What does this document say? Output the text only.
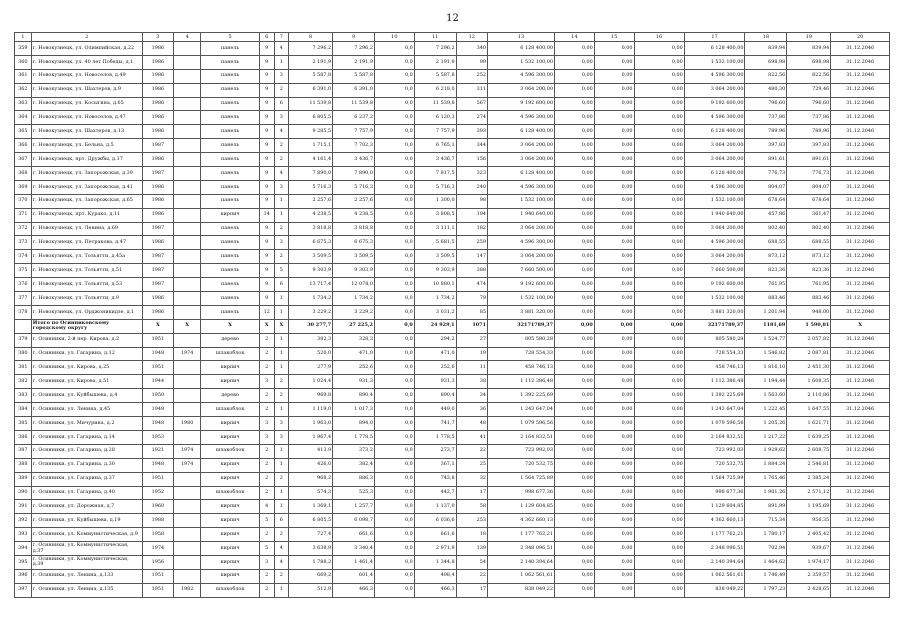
12
1	2	3	4	5	6	7	8	9	10	11	12	13	14	15	16	17	18	19	20
359	г. Новокузнецк, ул. Олимпийская, д.22	1986		панель	9	4	7 296,2	7 296,2	0,0	7 296,2	340	6 128 400,00	0,00	0,00	0,00	6 128 400,00	839,94	839,94	31.12.2046
360	г. Новокузнецк, ул. 40 лет Победы, д.1	1986		панель	9	1	2 191,9	2 191,9	0,0	2 191,9	99	1 532 100,00	0,00	0,00	0,00	1 532 100,00	698,98	698,98	31.12.2046
361	г. Новокузнецк, ул. Новоселов, д.49	1986		панель	9	3	5 587,8	5 587,8	0,0	5 587,8	252	4 596 300,00	0,00	0,00	0,00	4 596 300,00	822,56	822,56	31.12.2046
362	г. Новокузнецк, ул. Шахтеров, д.9	1986		панель	9	2	6 391,0	6 391,0	0,0	6 218,0	311	3 064 200,00	0,00	0,00	0,00	3 064 200,00	480,30	729,46	31.12.2046
363	г. Новокузнецк, ул. Косыгина, д.65	1986		панель	9	6	11 539,8	11 539,8	0,0	11 539,8	567	9 192 600,00	0,00	0,00	0,00	9 192 600,00	796,60	796,60	31.12.2046
364	г. Новокузнецк, ул. Новоселов, д.47	1986		панель	9	3	6 805,5	6 237,2	0,0	6 120,3	274	4 596 300,00	0,00	0,00	0,00	4 596 300,00	737,86	737,86	31.12.2046
365	г. Новокузнецк, ул. Шахтеров, д.13	1986		панель	9	4	9 285,5	7 757,9	0,0	7 757,9	393	6 128 400,00	0,00	0,00	0,00	6 128 400,00	789,96	789,96	31.12.2046
366	г. Новокузнецк, ул. Бельна, д.5	1987		панель	9	2	1 715,1	7 702,3	0,0	6 765,1	344	3 064 200,00	0,00	0,00	0,00	3 064 200,00	397,83	397,83	31.12.2046
367	г. Новокузнецк, прт. Дружбы, д.17	1986		панель	9	2	4 161,4	3 436,7	0,0	3 436,7	156	3 064 200,00	0,00	0,00	0,00	3 064 200,00	891,61	891,61	31.12.2046
368	г. Новокузнецк, ул. Запорожская, д.39	1987		панель	9	4	7 890,0	7 890,0	0,0	7 817,5	323	6 128 400,00	0,00	0,00	0,00	6 128 400,00	776,73	776,73	31.12.2046
369	г. Новокузнецк, ул. Запорожская, д.41	1986		панель	9	3	5 716,3	5 716,3	0,0	5 716,3	240	4 596 300,00	0,00	0,00	0,00	4 596 300,00	804,07	804,07	31.12.2046
370	г. Новокузнецк, ул. Запорожская, д.65	1986		панель	9	1	2 257,6	2 257,6	0,0	1 300,0	98	1 532 100,00	0,00	0,00	0,00	1 532 100,00	678,64	678,64	31.12.2046
371	г. Новокузнецк, прт. Курако, д.11	1986		кирпич	14	1	4 238,5	4 238,5	0,0	3 808,5	194	1 940 640,00	0,00	0,00	0,00	1 940 640,00	457,86	361,47	31.12.2046
372	г. Новокузнецк, ул. Ленина, д.69	1987		панель	9	2	3 818,8	3 818,8	0,0	3 111,1	182	3 064 200,00	0,00	0,00	0,00	3 064 200,00	802,40	802,40	31.12.2046
373	г. Новокузнецк, ул. Петракова, д.47	1986		панель	9	3	6 675,3	6 675,3	0,0	5 681,5	259	4 596 300,00	0,00	0,00	0,00	4 596 300,00	688,55	688,55	31.12.2046
374	г. Новокузнецк, ул. Тольятти, д.45а	1987		панель	9	2	3 509,5	3 509,5	0,0	3 509,5	147	3 064 200,00	0,00	0,00	0,00	3 064 200,00	873,12	873,12	31.12.2046
375	г. Новокузнецк, ул. Тольятти, д.51	1987		панель	9	5	9 303,9	9 303,9	0,0	9 303,9	388	7 660 500,00	0,00	0,00	0,00	7 660 500,00	823,36	823,36	31.12.2046
376	г. Новокузнецк, ул. Тольятти, д.53	1987		панель	9	6	13 717,4	12 078,0	0,0	10 880,1	474	9 192 600,00	0,00	0,00	0,00	9 192 600,00	761,95	761,95	31.12.2046
377	г. Новокузнецк, ул. Тольятти, д.9	1986		панель	9	1	1 734,2	1 734,2	0,0	1 734,2	79	1 532 100,00	0,00	0,00	0,00	1 532 100,00	883,46	883,46	31.12.2046
378	г. Новокузнецк, ул. Орджоникидзе, д.1	1986		панель	12	1	3 229,2	3 229,2	0,0	3 031,2	85	3 881 320,00	0,00	0,00	0,00	3 881 320,00	1 201,94	948,00	31.12.2046
	Итого по Осинниковскому городскому округу	X	X	X	X	X	30 277,7	27 225,2	0,0	24 929,1	1071	32171789,37	0,00	0,00	0,00	32171789,37	1181,69	1 590,81	X
379	г. Осинники, 2-й пер. Кирова, д.2	1951		дерево	2	1	382,3	328,3	0,0	294,2	27	805 580,28	0,00	0,00	0,00	805 580,28	1 524,77	2 057,82	31.12.2046
380	г. Осинники, ул. Гагарина, д.12	1948	1974	шлакоблок	2	1	520,0	471,0	0,0	471,0	19	728 554,33	0,00	0,00	0,00	728 554,33	1 546,82	2 087,81	31.12.2046
381	г. Осинники, ул. Кирова, д.25	1951		кирпич	2	1	277,9	252,6	0,0	252,6	11	458 746,13	0,00	0,00	0,00	458 746,13	1 816,10	2 451,30	31.12.2046
382	г. Осинники, ул. Кирова, д.51	1944		кирпич	3	2	1 024,4	931,3	0,0	931,3	38	1 112 386,48	0,00	0,00	0,00	1 112 386,48	1 194,44	1 608,35	31.12.2046
383	г. Осинники, ул. Куйбышева, д.4	1950		дерево	2	2	969,8	890,4	0,0	890,4	34	1 392 225,69	0,00	0,00	0,00	1 392 225,69	1 563,60	2 110,86	31.12.2046
384	г. Осинники, ул. Ленина, д.45	1949		шлакоблок	2	1	1 119,0	1 017,3	0,0	449,0	36	1 243 647,04	0,00	0,00	0,00	1 243 647,04	1 222,45	1 647,55	31.12.2046
385	г. Осинники, ул. Мичурина, д.2	1948	1980	кирпич	3	3	1 963,0	894,0	0,0	741,7	48	1 079 596,56	0,00	0,00	0,00	1 079 596,56	1 205,26	1 621,71	31.12.2046
386	г. Осинники, ул. Гагарина, д.14	1953		кирпич	3	3	1 967,4	1 778,5	0,0	1 778,5	41	2 164 832,51	0,00	0,00	0,00	2 164 832,51	1 217,22	1 639,25	31.12.2046
387	г. Осинники, ул. Гагарина, д.28	1921	1974	шлакоблок	2	1	413,9	373,2	0,0	273,7	22	723 992,03	0,00	0,00	0,00	723 992,03	1 929,62	2 608,75	31.12.2046
388	г. Осинники, ул. Гагарина, д.30	1948	1974	кирпич	2	1	426,0	382,4	0,0	367,1	25	720 532,75	0,00	0,00	0,00	720 532,75	1 884,24	2 546,81	31.12.2046
389	г. Осинники, ул. Гагарина, д.37	1951		кирпич	2	2	968,2	886,3	0,0	743,8	32	1 564 725,89	0,00	0,00	0,00	1 564 725,89	1 765,46	2 385,24	31.12.2046
390	г. Осинники, ул. Гагарина, д.40	1952		шлакоблок	2	1	574,3	525,3	0,0	442,7	17	998 677,36	0,00	0,00	0,00	998 677,36	1 901,26	2 571,12	31.12.2046
391	г. Осинники, ул. Дорожная, д.7	1960		кирпич	4	1	1 369,1	1 257,7	0,0	1 137,0	58	1 129 604,85	0,00	0,00	0,00	1 129 604,85	891,99	1 195,69	31.12.2046
392	г. Осинники, ул. Куйбышева, д.19	1988		кирпич	5	6	6 805,5	6 098,7	0,0	6 036,6	253	4 362 660,13	0,00	0,00	0,00	4 362 660,13	715,34	956,35	31.12.2046
393	г. Осинники, ул. Коммунистическая, д.9	1958		кирпич	2	2	727,4	661,6	0,0	661,6	18	1 177 762,21	0,00	0,00	0,00	1 177 762,21	1 780,17	2 405,42	31.12.2046
394	г. Осинники, ул. Коммунистическая, д.37	1974		кирпич	5	4	3 638,9	3 340,4	0,0	2 971,9	139	2 348 096,51	0,00	0,00	0,00	2 348 096,51	702,94	939,67	31.12.2046
395	г. Осинники, ул. Коммунистическая, д.39	1956		кирпич	3	4	1 788,2	1 461,4	0,0	1 344,8	54	2 140 394,64	0,00	0,00	0,00	2 140 394,64	1 464,62	1 974,17	31.12.2046
396	г. Осинники, ул. Ленина, д.133	1951		кирпич	2	2	669,2	601,4	0,0	498,4	22	1 062 561,61	0,00	0,00	0,00	1 062 561,61	1 746,49	2 359,57	31.12.2046
397	г. Осинники, ул. Ленина, д.135	1951	1982	шлакоблок	2	1	512,9	466,3	0,0	466,3	17	838 049,22	0,00	0,00	0,00	838 049,22	1 797,23	2 428,65	31.12.2046
